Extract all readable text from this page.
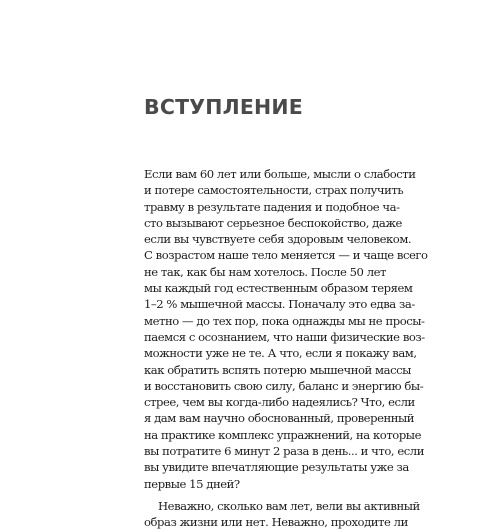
ВСТУПЛЕНИЕ
Если вам 60 лет или больше, мысли о слабости
и потере самостоятельности, страх получить
травму в результате падения и подобное ча-
сто вызывают серьезное беспокойство, даже
если вы чувствуете себя здоровым человеком.
С возрастом наше тело меняется — и чаще всего
не так, как бы нам хотелось. После 50 лет
мы каждый год естественным образом теряем
1–2 % мышечной массы. Поначалу это едва за-
метно — до тех пор, пока однажды мы не просы-
паемся с осознанием, что наши физические воз-
можности уже не те. А что, если я покажу вам,
как обратить вспять потерю мышечной массы
и восстановить свою силу, баланс и энергию бы-
стрее, чем вы когда-либо надеялись? Что, если
я дам вам научно обоснованный, проверенный
на практике комплекс упражнений, на которые
вы потратите 6 минут 2 раза в день... и что, если
вы увидите впечатляющие результаты уже за
первые 15 дней?
Неважно, сколько вам лет, вели вы активный
образ жизни или нет. Неважно, проходите ли
